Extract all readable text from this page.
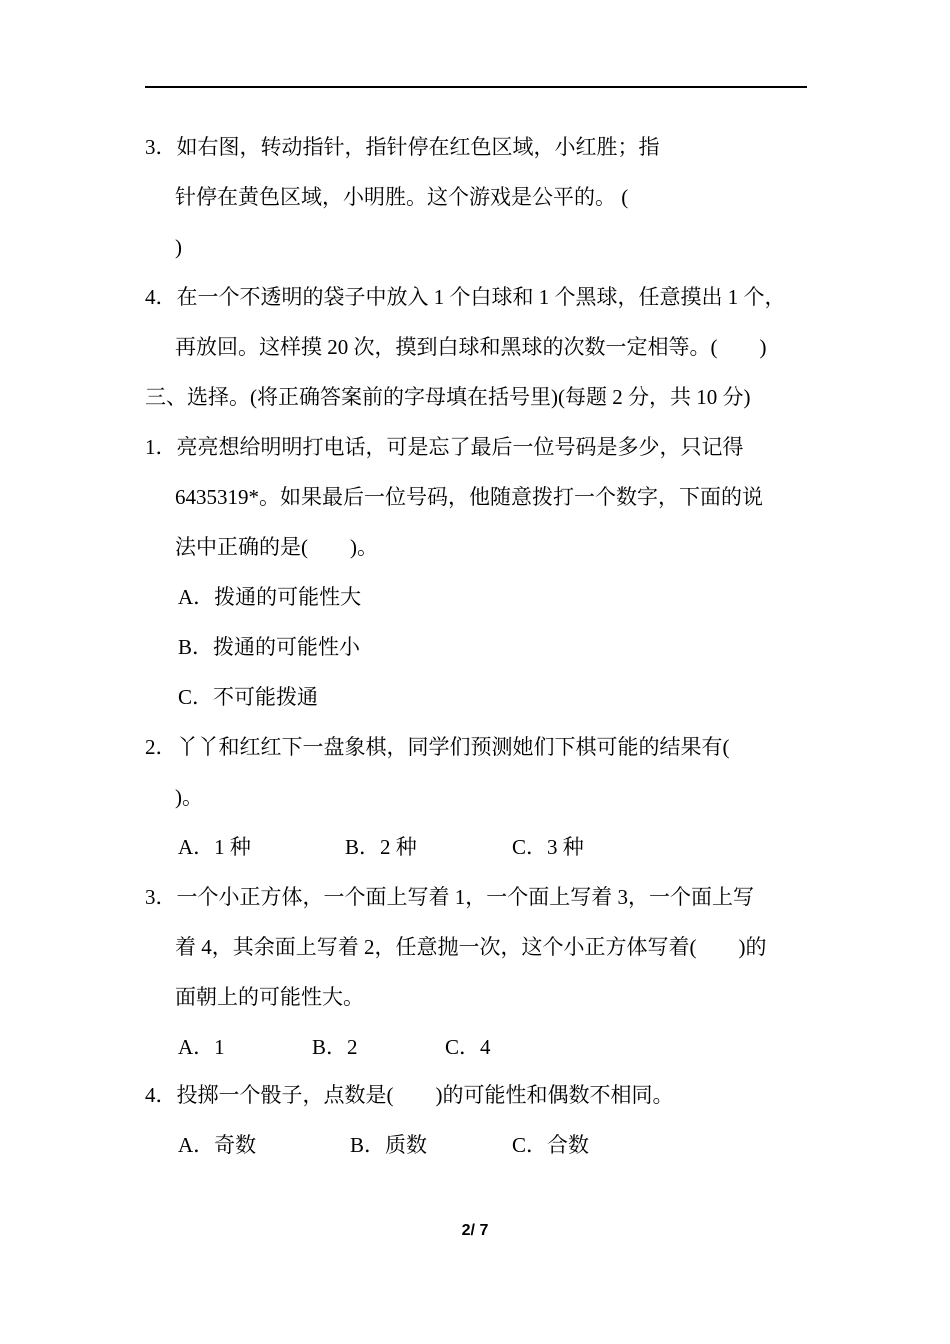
3．如右图，转动指针，指针停在红色区域，小红胜；指
针停在黄色区域，小明胜。这个游戏是公平的。 (
)
4．在一个不透明的袋子中放入 1 个白球和 1 个黑球，任意摸出 1 个，
再放回。这样摸 20 次，摸到白球和黑球的次数一定相等。(　　)
三、选择。(将正确答案前的字母填在括号里)(每题 2 分，共 10 分)
1．亮亮想给明明打电话，可是忘了最后一位号码是多少，只记得
6435319*。如果最后一位号码，他随意拨打一个数字，下面的说
法中正确的是(　　)。
A．拨通的可能性大
B．拨通的可能性小
C．不可能拨通
2．丫丫和红红下一盘象棋，同学们预测她们下棋可能的结果有(
)。
A．1 种	B．2 种	C．3 种
3．一个小正方体，一个面上写着 1，一个面上写着 3，一个面上写
着 4，其余面上写着 2，任意抛一次，这个小正方体写着(　　)的
面朝上的可能性大。
A．1	B．2	C．4
4．投掷一个骰子，点数是(　　)的可能性和偶数不相同。
A．奇数	B．质数	C．合数
2/ 7
